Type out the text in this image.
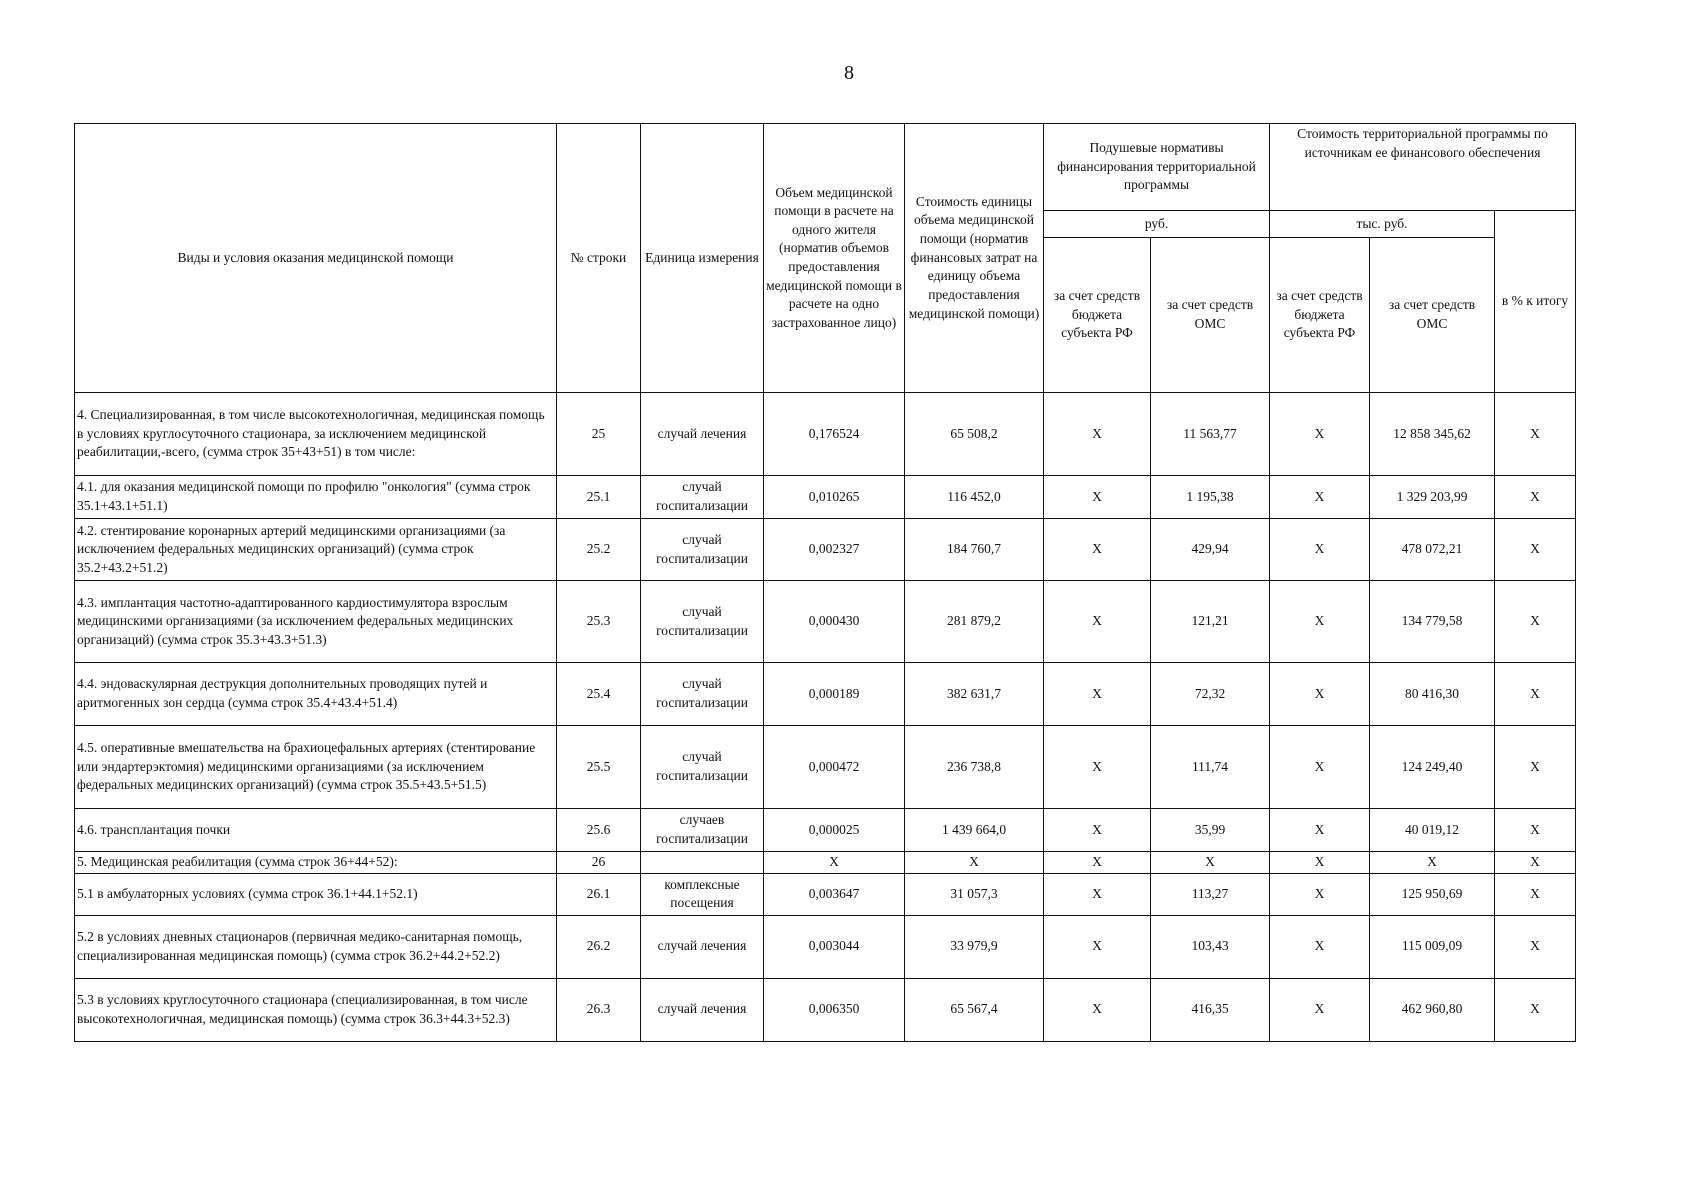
8
Виды и условия оказания медицинской помощи	№ строки	Единица измерения	Объем медицинской помощи в расчете на одного жителя (норматив объемов предоставления медицинской помощи в расчете на одно застрахованное лицо)	Стоимость единицы объема медицинской помощи (норматив финансовых затрат на единицу объема предоставления медицинской помощи)	Подушевые нормативы финансирования территориальной программы		Стоимость территориальной программы по источникам ее финансового обеспечения		
					руб.		тыс. руб.		в % к итогу
					за счет средств бюджета субъекта РФ	за счет средств ОМС	за счет средств бюджета субъекта РФ	за счет средств ОМС	
4. Специализированная, в том числе высокотехнологичная, медицинская помощь в условиях круглосуточного стационара, за исключением медицинской реабилитации,-всего, (сумма строк 35+43+51) в том числе:	25	случай лечения	0,176524	65 508,2	X	11 563,77	X	12 858 345,62	X
4.1. для оказания медицинской помощи по профилю "онкология" (сумма строк 35.1+43.1+51.1)	25.1	случай госпитализации	0,010265	116 452,0	X	1 195,38	X	1 329 203,99	X
4.2. стентирование коронарных артерий медицинскими организациями (за исключением федеральных медицинских организаций) (сумма строк 35.2+43.2+51.2)	25.2	случай госпитализации	0,002327	184 760,7	X	429,94	X	478 072,21	X
4.3. имплантация частотно-адаптированного кардиостимулятора взрослым медицинскими организациями (за исключением федеральных медицинских организаций) (сумма строк 35.3+43.3+51.3)	25.3	случай госпитализации	0,000430	281 879,2	X	121,21	X	134 779,58	X
4.4. эндоваскулярная деструкция дополнительных проводящих путей и аритмогенных зон сердца (сумма строк 35.4+43.4+51.4)	25.4	случай госпитализации	0,000189	382 631,7	X	72,32	X	80 416,30	X
4.5. оперативные вмешательства на брахиоцефальных артериях (стентирование или эндартерэктомия) медицинскими организациями (за исключением федеральных медицинских организаций) (сумма строк 35.5+43.5+51.5)	25.5	случай госпитализации	0,000472	236 738,8	X	111,74	X	124 249,40	X
4.6. трансплантация почки	25.6	случаев госпитализации	0,000025	1 439 664,0	X	35,99	X	40 019,12	X
5. Медицинская реабилитация (сумма строк 36+44+52):	26		X	X	X	X	X	X	X
5.1 в амбулаторных условиях (сумма строк 36.1+44.1+52.1)	26.1	комплексные посещения	0,003647	31 057,3	X	113,27	X	125 950,69	X
5.2 в условиях дневных стационаров (первичная медико-санитарная помощь, специализированная медицинская помощь) (сумма строк 36.2+44.2+52.2)	26.2	случай лечения	0,003044	33 979,9	X	103,43	X	115 009,09	X
5.3 в условиях круглосуточного стационара (специализированная, в том числе высокотехнологичная, медицинская помощь) (сумма строк 36.3+44.3+52.3)	26.3	случай лечения	0,006350	65 567,4	X	416,35	X	462 960,80	X
